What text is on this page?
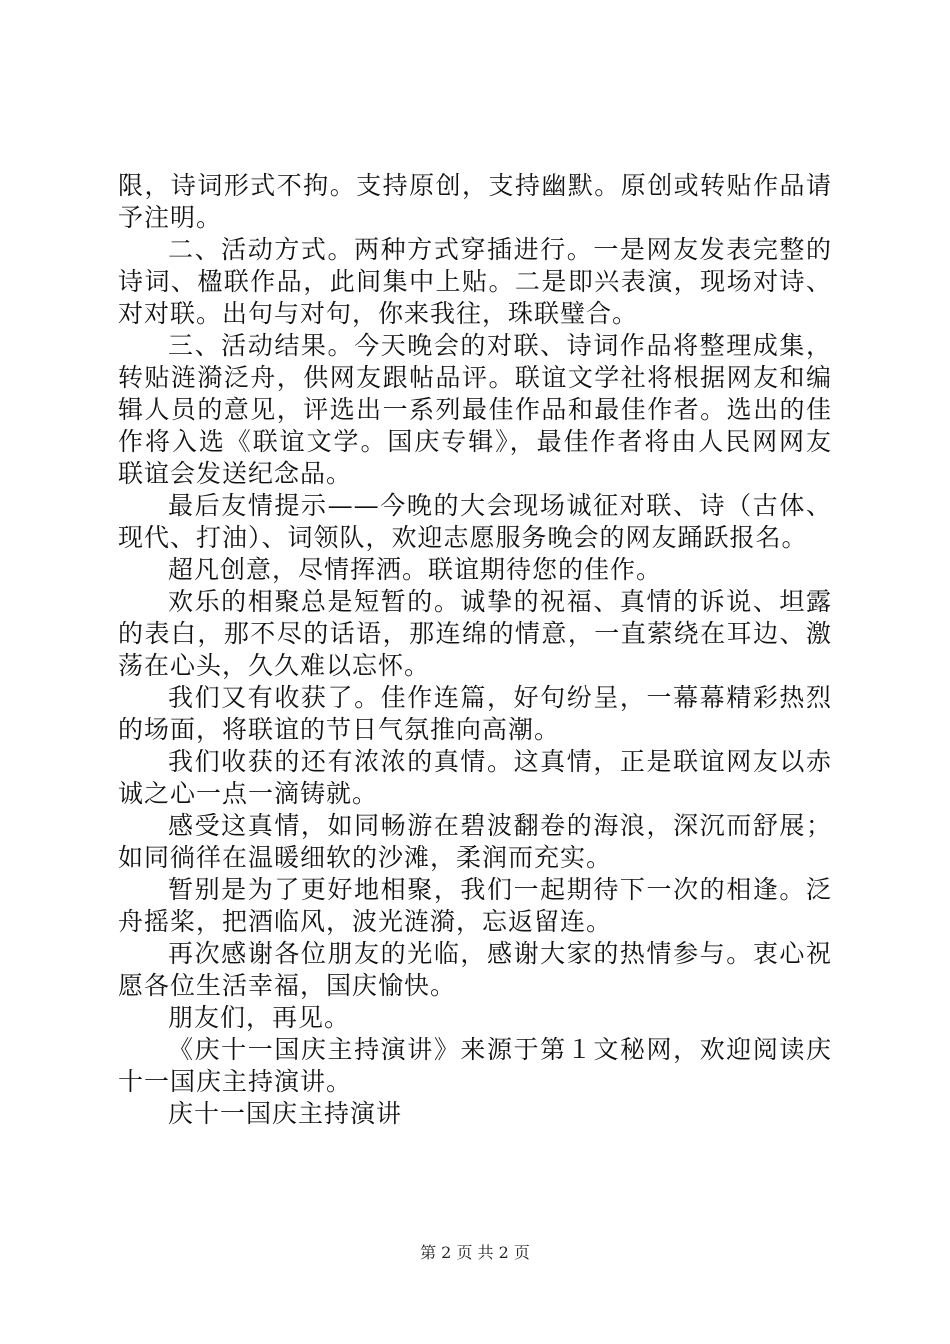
限，诗词形式不拘。支持原创，支持幽默。原创或转贴作品请予注明。

二、活动方式。两种方式穿插进行。一是网友发表完整的诗词、楹联作品，此间集中上贴。二是即兴表演，现场对诗、对对联。出句与对句，你来我往，珠联璧合。

三、活动结果。今天晚会的对联、诗词作品将整理成集，转贴涟漪泛舟，供网友跟帖品评。联谊文学社将根据网友和编辑人员的意见，评选出一系列最佳作品和最佳作者。选出的佳作将入选《联谊文学。国庆专辑》，最佳作者将由人民网网友联谊会发送纪念品。

最后友情提示——今晚的大会现场诚征对联、诗（古体、现代、打油）、词领队，欢迎志愿服务晚会的网友踊跃报名。

超凡创意，尽情挥洒。联谊期待您的佳作。

欢乐的相聚总是短暂的。诚挚的祝福、真情的诉说、坦露的表白，那不尽的话语，那连绵的情意，一直萦绕在耳边、激荡在心头，久久难以忘怀。

我们又有收获了。佳作连篇，好句纷呈，一幕幕精彩热烈的场面，将联谊的节日气氛推向高潮。

我们收获的还有浓浓的真情。这真情，正是联谊网友以赤诚之心一点一滴铸就。

感受这真情，如同畅游在碧波翻卷的海浪，深沉而舒展；如同徜徉在温暖细软的沙滩，柔润而充实。

暂别是为了更好地相聚，我们一起期待下一次的相逢。泛舟摇桨，把酒临风，波光涟漪，忘返留连。

再次感谢各位朋友的光临，感谢大家的热情参与。衷心祝愿各位生活幸福，国庆愉快。

朋友们，再见。

《庆十一国庆主持演讲》来源于第１文秘网，欢迎阅读庆十一国庆主持演讲。

庆十一国庆主持演讲

第 2 页 共 2 页
